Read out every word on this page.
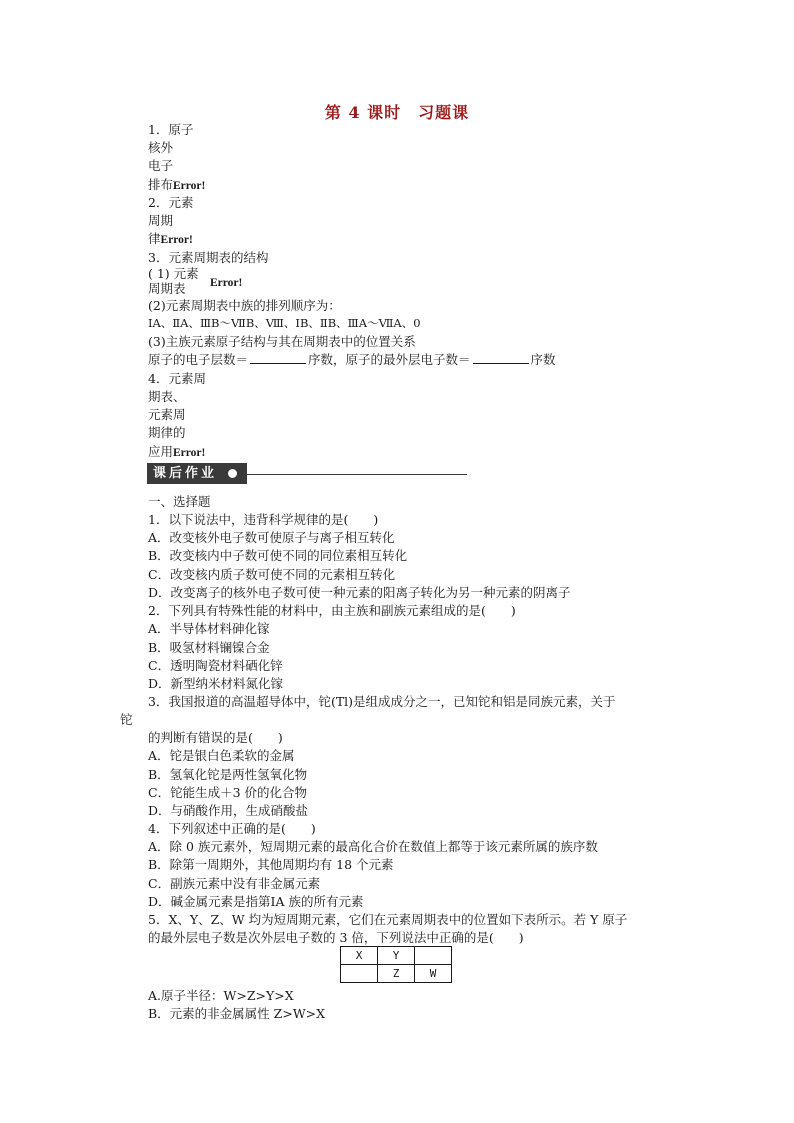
第 4 课时　习题课
1．原子
核外
电子
排布Error!
2．元素
周期
律Error!
3．元素周期表的结构
( 1) 元素
Error!
周期表
(2)元素周期表中族的排列顺序为：
ⅠA、ⅡA、ⅢB～ⅦB、Ⅷ、ⅠB、ⅡB、ⅢA～ⅦA、0
(3)主族元素原子结构与其在周期表中的位置关系
原子的电子层数＝	序数，原子的最外层电子数＝	序数
4．元素周
期表、
元素周
期律的
应用Error!
课后作业
一、选择题
1．以下说法中，违背科学规律的是(　　)
A．改变核外电子数可使原子与离子相互转化
B．改变核内中子数可使不同的同位素相互转化
C．改变核内质子数可使不同的元素相互转化
D．改变离子的核外电子数可使一种元素的阳离子转化为另一种元素的阴离子
2．下列具有特殊性能的材料中，由主族和副族元素组成的是(　　)
A．半导体材料砷化镓
B．吸氢材料镧镍合金
C．透明陶瓷材料硒化锌
D．新型纳米材料氮化镓
3．我国报道的高温超导体中，铊(Tl)是组成成分之一，已知铊和铝是同族元素，关于
铊
的判断有错误的是(　　)
A．铊是银白色柔软的金属
B．氢氧化铊是两性氢氧化物
C．铊能生成＋3 价的化合物
D．与硝酸作用，生成硝酸盐
4．下列叙述中正确的是(　　)
A．除 0 族元素外，短周期元素的最高化合价在数值上都等于该元素所属的族序数
B．除第一周期外，其他周期均有 18 个元素
C．副族元素中没有非金属元素
D．碱金属元素是指第ⅠA 族的所有元素
5．X、Y、Z、W 均为短周期元素，它们在元素周期表中的位置如下表所示。若 Y 原子
的最外层电子数是次外层电子数的 3 倍，下列说法中正确的是(　　)
X	Y	
	Z	W
A.原子半径：W>Z>Y>X
B．元素的非金属属性 Z>W>X
